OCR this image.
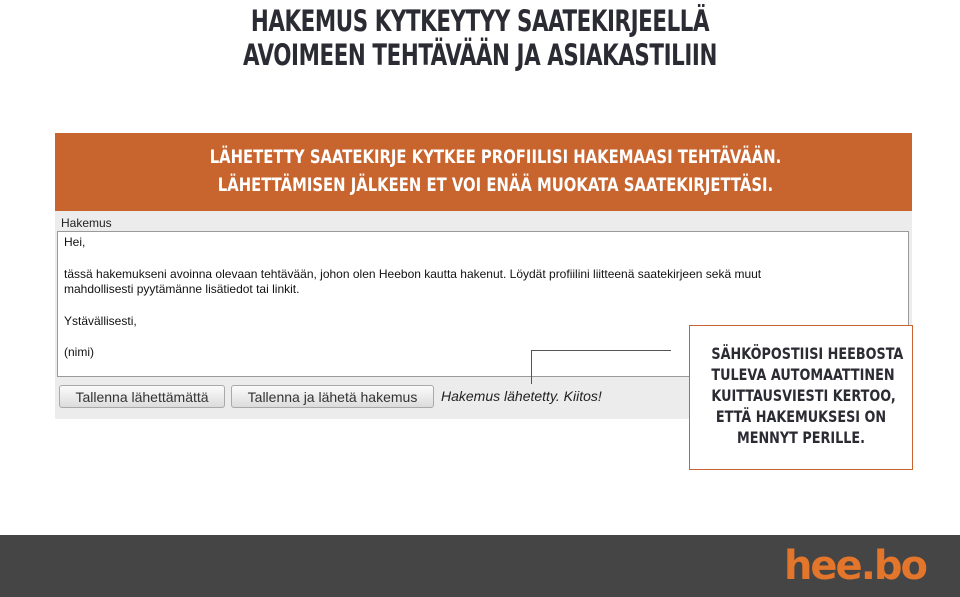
HAKEMUS KYTKEYTYY SAATEKIRJEELLÄ
AVOIMEEN TEHTÄVÄÄN JA ASIAKASTILIIN
LÄHETETTY SAATEKIRJE KYTKEE PROFIILISI HAKEMAASI TEHTÄVÄÄN.
LÄHETTÄMISEN JÄLKEEN ET VOI ENÄÄ MUOKATA SAATEKIRJETTÄSI.
Hakemus

Hei,

tässä hakemukseni avoinna olevaan tehtävään, johon olen Heebon kautta hakenut. Löydät profiilini liitteenä saatekirjeen sekä muut

mahdollisesti pyytämänne lisätiedot tai linkit.

Ystävällisesti,

(nimi)

Tallenna lähettämättä	Tallenna ja lähetä hakemus	Hakemus lähetetty. Kiitos!
SÄHKÖPOSTIISI HEEBOSTA
TULEVA AUTOMAATTINEN
KUITTAUSVIESTI KERTOO,
ETTÄ HAKEMUKSESI ON
MENNYT PERILLE.
hee.bo
